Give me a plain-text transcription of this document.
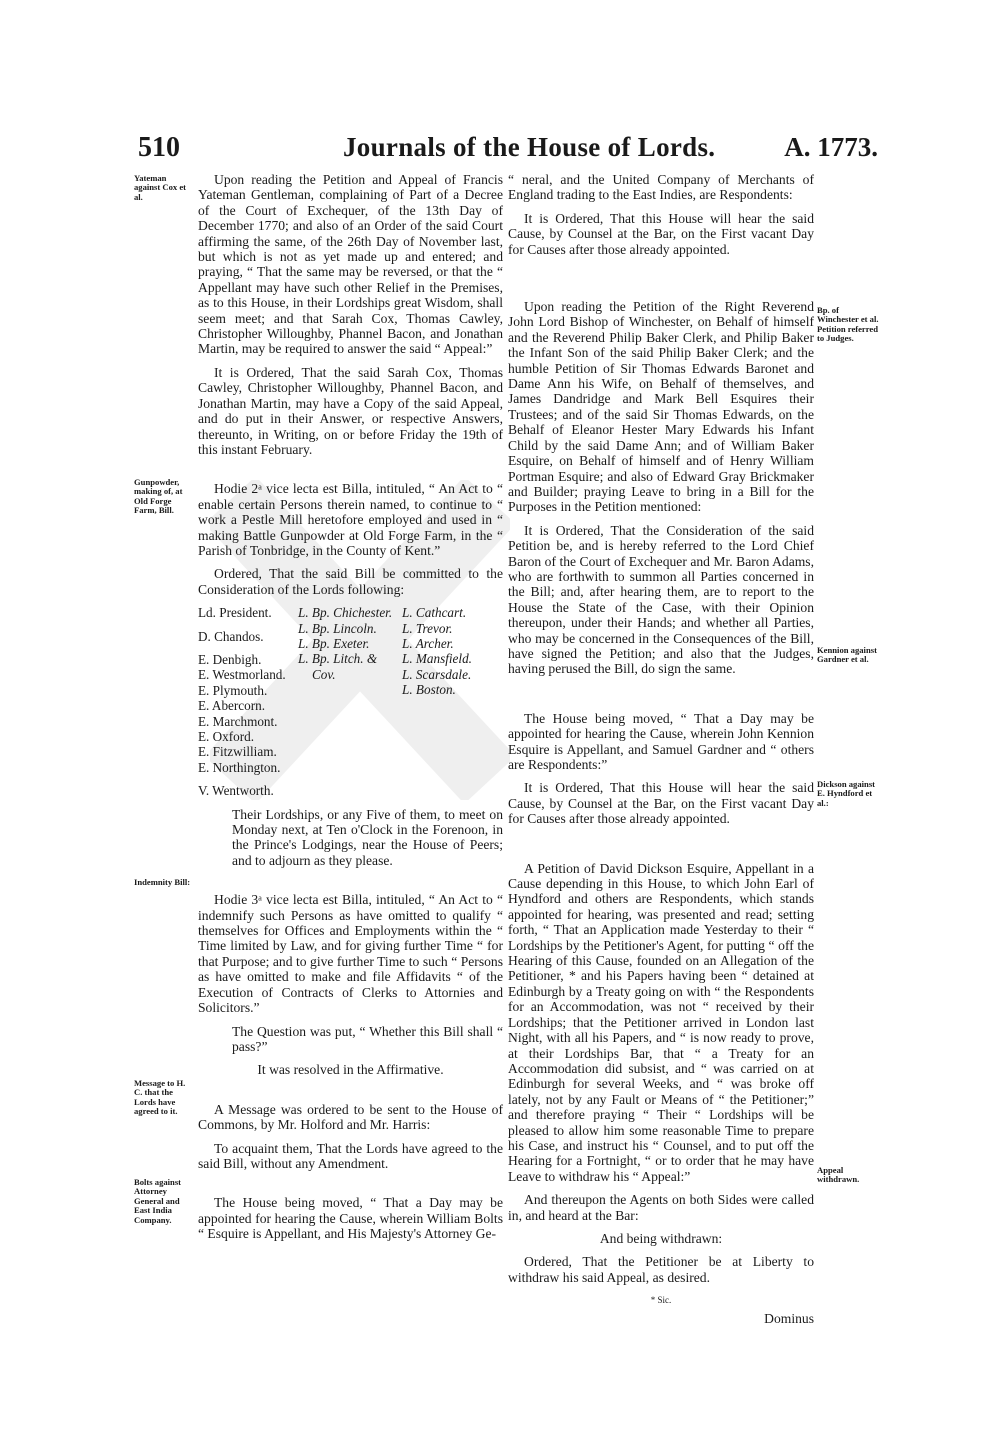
510	Journals of the House of Lords.	A. 1773.
Yateman against Cox et al.
Gunpowder, making of, at Old Forge Farm, Bill.
Indemnity Bill:
Message to H. C. that the Lords have agreed to it.
Bolts against Attorney General and East India Company.
Bp. of Winchester et al. Petition referred to Judges.
Kennion against Gardner et al.
Dickson against E. Hyndford et al.:
Appeal withdrawn.

Upon reading the Petition and Appeal of Francis Yateman Gentleman, complaining of Part of a Decree of the Court of Exchequer, of the 13th Day of December 1770; and also of an Order of the said Court affirming the same, of the 26th Day of November last, but which is not as yet made up and entered; and praying, “ That the same may be reversed, or that the “ Appellant may have such other Relief in the Premises, as to this House, in their Lordships great Wisdom, shall seem meet; and that Sarah Cox, Thomas Cawley, Christopher Willoughby, Phannel Bacon, and Jonathan Martin, may be required to answer the said “ Appeal:”

It is Ordered, That the said Sarah Cox, Thomas Cawley, Christopher Willoughby, Phannel Bacon, and Jonathan Martin, may have a Copy of the said Appeal, and do put in their Answer, or respective Answers, thereunto, in Writing, on or before Friday the 19th of this instant February.

Hodie 2ᵃ vice lecta est Billa, intituled, “ An Act to “ enable certain Persons therein named, to continue to “ work a Pestle Mill heretofore employed and used in “ making Battle Gunpowder at Old Forge Farm, in the “ Parish of Tonbridge, in the County of Kent.”

Ordered, That the said Bill be committed to the Consideration of the Lords following:

Ld. President.
D. Chandos.
E. Denbigh.
E. Westmorland.
E. Plymouth.
E. Abercorn.
E. Marchmont.
E. Oxford.
E. Fitzwilliam.
E. Northington.
V. Wentworth.
L. Bp. Chichester.
L. Bp. Lincoln.
L. Bp. Exeter.
L. Bp. Litch. &
Cov.
L. Cathcart.
L. Trevor.
L. Archer.
L. Mansfield.
L. Scarsdale.
L. Boston.

Their Lordships, or any Five of them, to meet on Monday next, at Ten o'Clock in the Forenoon, in the Prince's Lodgings, near the House of Peers; and to adjourn as they please.

Hodie 3ᵃ vice lecta est Billa, intituled, “ An Act to “ indemnify such Persons as have omitted to qualify “ themselves for Offices and Employments within the “ Time limited by Law, and for giving further Time “ for that Purpose; and to give further Time to such “ Persons as have omitted to make and file Affidavits “ of the Execution of Contracts of Clerks to Attornies and Solicitors.”

The Question was put, “ Whether this Bill shall “ pass?”

It was resolved in the Affirmative.

A Message was ordered to be sent to the House of Commons, by Mr. Holford and Mr. Harris:

To acquaint them, That the Lords have agreed to the said Bill, without any Amendment.

The House being moved, “ That a Day may be appointed for hearing the Cause, wherein William Bolts “ Esquire is Appellant, and His Majesty's Attorney Ge-

“ neral, and the United Company of Merchants of England trading to the East Indies, are Respondents:

It is Ordered, That this House will hear the said Cause, by Counsel at the Bar, on the First vacant Day for Causes after those already appointed.

Upon reading the Petition of the Right Reverend John Lord Bishop of Winchester, on Behalf of himself and the Reverend Philip Baker Clerk, and Philip Baker the Infant Son of the said Philip Baker Clerk; and the humble Petition of Sir Thomas Edwards Baronet and Dame Ann his Wife, on Behalf of themselves, and James Dandridge and Mark Bell Esquires their Trustees; and of the said Sir Thomas Edwards, on the Behalf of Eleanor Hester Mary Edwards his Infant Child by the said Dame Ann; and of William Baker Esquire, on Behalf of himself and of Henry William Portman Esquire; and also of Edward Gray Brickmaker and Builder; praying Leave to bring in a Bill for the Purposes in the Petition mentioned:

It is Ordered, That the Consideration of the said Petition be, and is hereby referred to the Lord Chief Baron of the Court of Exchequer and Mr. Baron Adams, who are forthwith to summon all Parties concerned in the Bill; and, after hearing them, are to report to the House the State of the Case, with their Opinion thereupon, under their Hands; and whether all Parties, who may be concerned in the Consequences of the Bill, have signed the Petition; and also that the Judges, having perused the Bill, do sign the same.

The House being moved, “ That a Day may be appointed for hearing the Cause, wherein John Kennion Esquire is Appellant, and Samuel Gardner and “ others are Respondents:”

It is Ordered, That this House will hear the said Cause, by Counsel at the Bar, on the First vacant Day for Causes after those already appointed.

A Petition of David Dickson Esquire, Appellant in a Cause depending in this House, to which John Earl of Hyndford and others are Respondents, which stands appointed for hearing, was presented and read; setting forth, “ That an Application made Yesterday to their “ Lordships by the Petitioner's Agent, for putting “ off the Hearing of this Cause, founded on an Allegation of the Petitioner, * and his Papers having been “ detained at Edinburgh by a Treaty going on with “ the Respondents for an Accommodation, was not “ received by their Lordships; that the Petitioner arrived in London last Night, with all his Papers, and “ is now ready to prove, at their Lordships Bar, that “ a Treaty for an Accommodation did subsist, and “ was carried on at Edinburgh for several Weeks, and “ was broke off lately, not by any Fault or Means of “ the Petitioner;” and therefore praying “ Their “ Lordships will be pleased to allow him some reasonable Time to prepare his Case, and instruct his “ Counsel, and to put off the Hearing for a Fortnight, “ or to order that he may have Leave to withdraw his “ Appeal:”

And thereupon the Agents on both Sides were called in, and heard at the Bar:

And being withdrawn:

Ordered, That the Petitioner be at Liberty to withdraw his said Appeal, as desired.

* Sic.
Dominus
